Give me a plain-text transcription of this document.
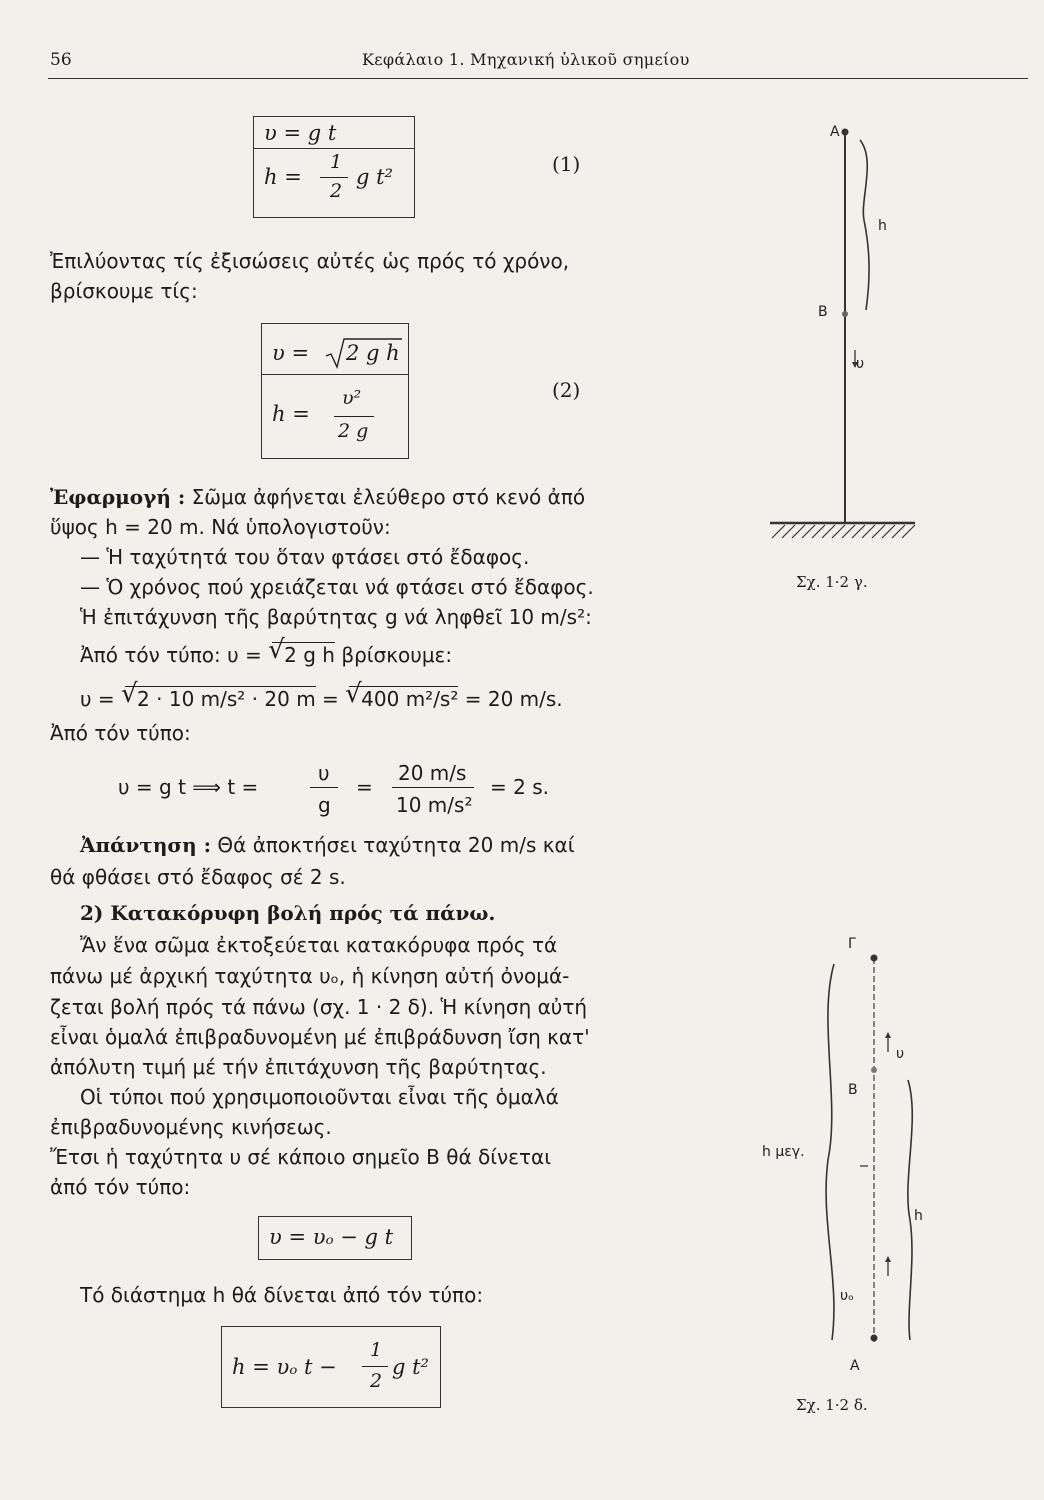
56	Κεφάλαιο 1. Μηχανική ὑλικοῦ σημείου
υ = g t
h =
1
2
g t²
(1)
Ἐπιλύοντας τίς ἐξισώσεις αὐτές ὡς πρός τό χρόνο,
βρίσκουμε τίς:
υ = 2 g h
h =
υ²
2 g
(2)
Ἐφαρμογή : Σῶμα ἀφήνεται ἐλεύθερο στό κενό ἀπό
ὕψος h = 20 m. Νά ὑπολογιστοῦν:
— Ἡ ταχύτητά του ὅταν φτάσει στό ἔδαφος.
— Ὁ χρόνος πού χρειάζεται νά φτάσει στό ἔδαφος.
Ἡ ἐπιτάχυνση τῆς βαρύτητας g νά ληφθεῖ 10 m/s²:
Ἀπό τόν τύπο: υ = √ 2 g h βρίσκουμε:
υ = √ 2 · 10 m/s² · 20 m = √ 400 m²/s² = 20 m/s.
Ἀπό τόν τύπο:
υ = g t ⟹ t =
υ
g
=
20 m/s
10 m/s²
= 2 s.
Ἀπάντηση : Θά ἀποκτήσει ταχύτητα 20 m/s καί
θά φθάσει στό ἔδαφος σέ 2 s.
2) Κατακόρυφη βολή πρός τά πάνω.
Ἄν ἕνα σῶμα ἐκτοξεύεται κατακόρυφα πρός τά
πάνω μέ ἀρχική ταχύτητα υₒ, ἡ κίνηση αὐτή ὀνομά-
ζεται βολή πρός τά πάνω (σχ. 1 · 2 δ). Ἡ κίνηση αὐτή
εἶναι ὁμαλά ἐπιβραδυνομένη μέ ἐπιβράδυνση ἴση κατ'
ἀπόλυτη τιμή μέ τήν ἐπιτάχυνση τῆς βαρύτητας.
Οἱ τύποι πού χρησιμοποιοῦνται εἶναι τῆς ὁμαλά
ἐπιβραδυνομένης κινήσεως.
Ἔτσι ἡ ταχύτητα υ σέ κάποιο σημεῖο Β θά δίνεται
ἀπό τόν τύπο:
υ = υₒ − g t
Τό διάστημα h θά δίνεται ἀπό τόν τύπο:
h = υₒ t −
1
2
g t²
Α
h
Β
υ
Σχ. 1·2 γ.
Γ
υ
Β
h μεγ.
h
υₒ
Α
Σχ. 1·2 δ.
